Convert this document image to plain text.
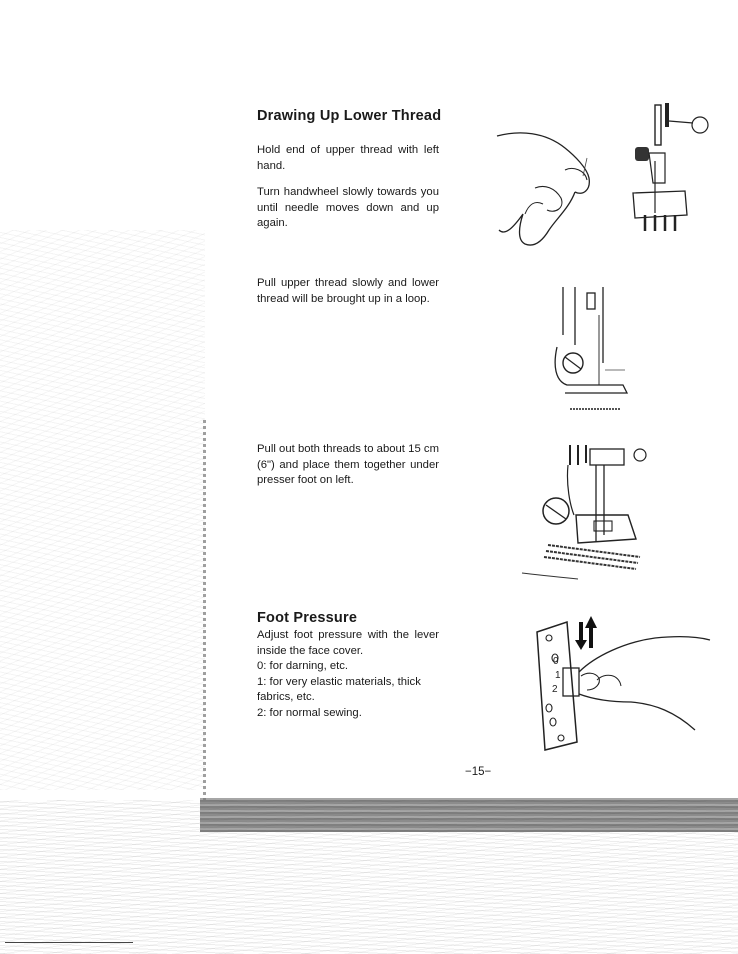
Drawing Up Lower Thread

Hold end of upper thread with left hand.

Turn handwheel slowly towards you until needle moves down and up again.

Pull upper thread slowly and lower thread will be brought up in a loop.

Pull out both threads to about 15 cm (6") and place them together under presser foot on left.

Foot Pressure

Adjust foot pressure with the lever inside the face cover.

0: for darning, etc.
1: for very elastic materials, thick fabrics, etc.
2: for normal sewing.
0
1
2
−15−
